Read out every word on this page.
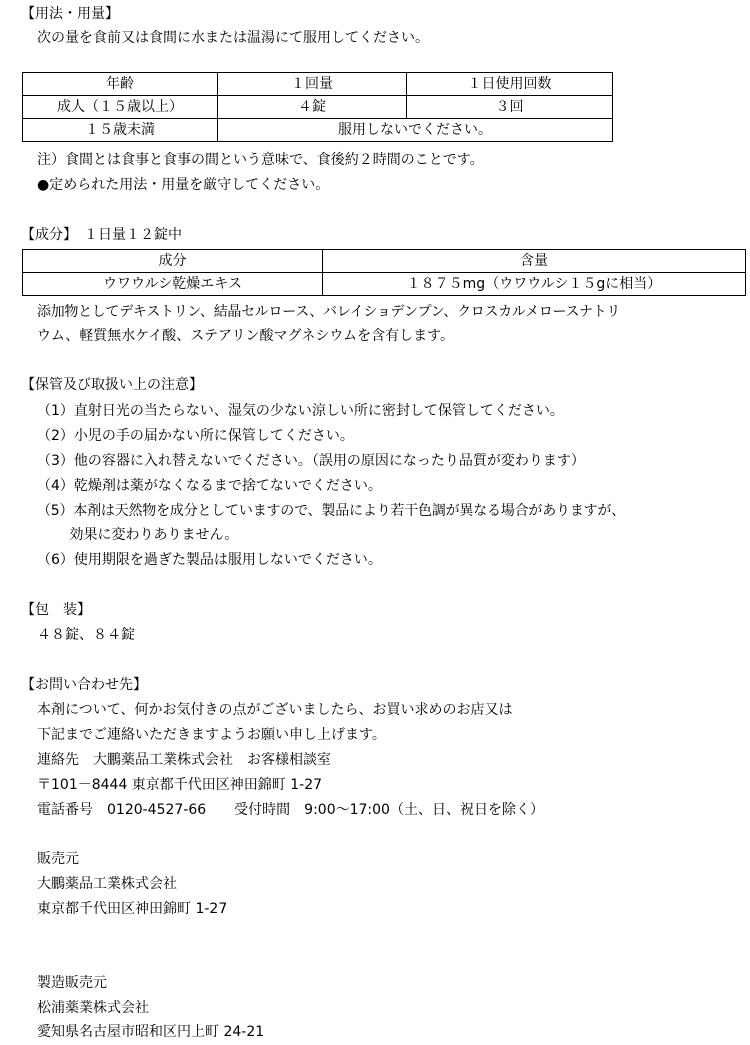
【用法・用量】
次の量を食前又は食間に水または温湯にて服用してください。
年齢	１回量	１日使用回数
成人（１５歳以上）	４錠	３回
１５歳未満	服用しないでください。	
注）食間とは食事と食事の間という意味で、食後約２時間のことです。
●定められた用法・用量を厳守してください。
【成分】　１日量１２錠中
成分	含量
ウワウルシ乾燥エキス	１８７５mg（ウワウルシ１５gに相当）
添加物としてデキストリン、結晶セルロース、バレイショデンプン、クロスカルメロースナトリ
ウム、軽質無水ケイ酸、ステアリン酸マグネシウムを含有します。
【保管及び取扱い上の注意】
（1）直射日光の当たらない、湿気の少ない涼しい所に密封して保管してください。
（2）小児の手の届かない所に保管してください。
（3）他の容器に入れ替えないでください。（誤用の原因になったり品質が変わります）
（4）乾燥剤は薬がなくなるまで捨てないでください。
（5）本剤は天然物を成分としていますので、製品により若干色調が異なる場合がありますが、
　　 効果に変わりありません。
（6）使用期限を過ぎた製品は服用しないでください。
【包　装】
４８錠、８４錠
【お問い合わせ先】
本剤について、何かお気付きの点がございましたら、お買い求めのお店又は
下記までご連絡いただきますようお願い申し上げます。
連絡先　大鵬薬品工業株式会社　お客様相談室
〒101－8444 東京都千代田区神田錦町 1-27
電話番号　0120-4527-66　　受付時間　9:00～17:00（土、日、祝日を除く）
販売元
大鵬薬品工業株式会社
東京都千代田区神田錦町 1-27
製造販売元
松浦薬業株式会社
愛知県名古屋市昭和区円上町 24-21
